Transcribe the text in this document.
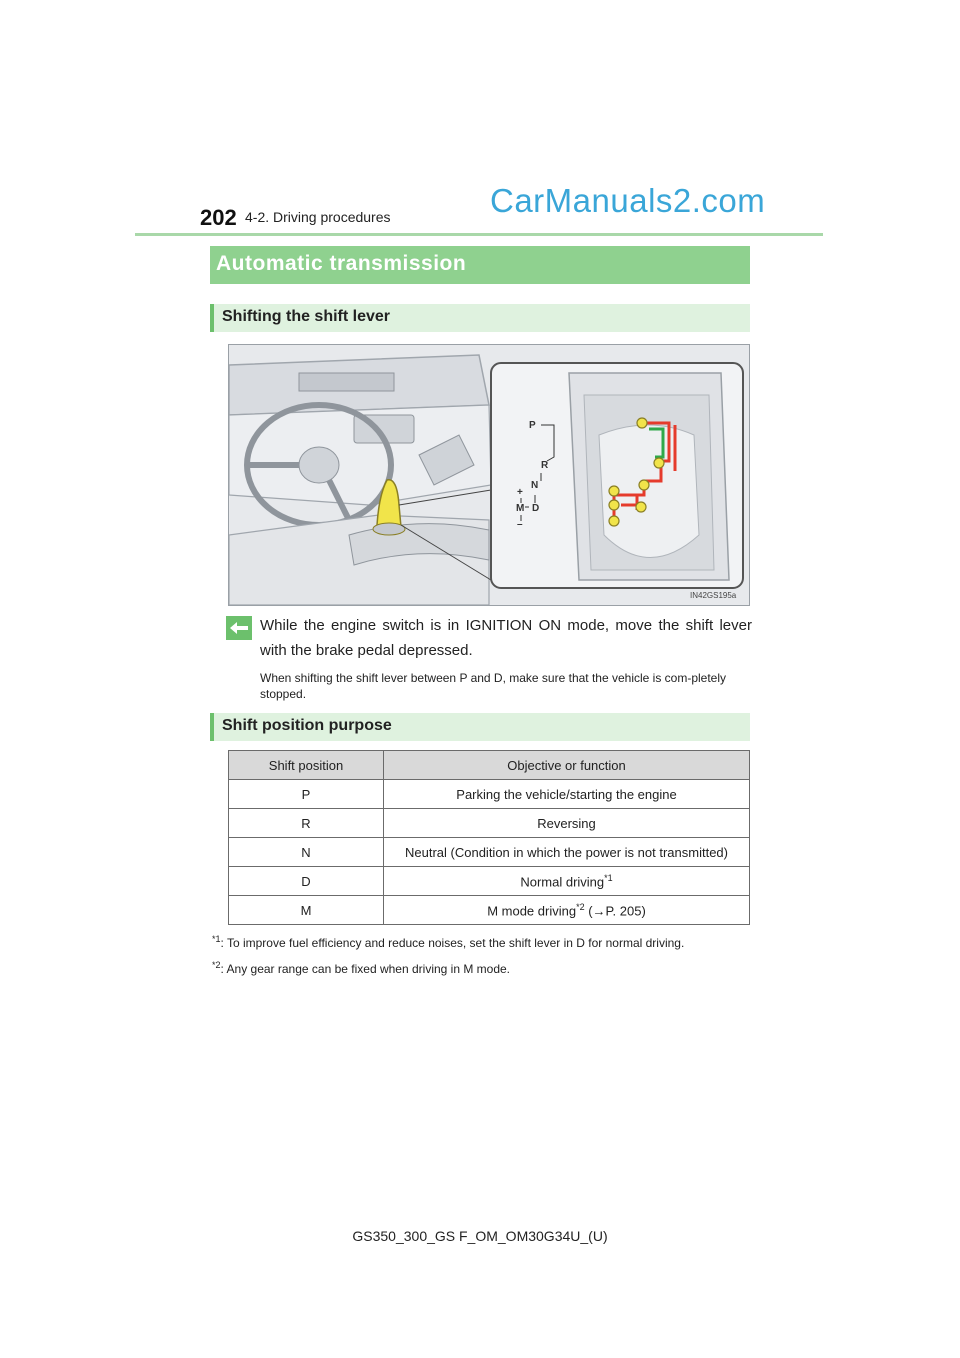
202 4-2. Driving procedures	CarManuals2.com
Automatic transmission
Shifting the shift lever
P
R
N
D
M
+
–
IN42GS195a
While the engine switch is in IGNITION ON mode, move the shift lever with the brake pedal depressed.
When shifting the shift lever between P and D, make sure that the vehicle is com-pletely stopped.
Shift position purpose
Shift position	Objective or function
P	Parking the vehicle/starting the engine
R	Reversing
N	Neutral (Condition in which the power is not transmitted)
D	Normal driving$^{*1}$
M	M mode driving$^{*2}$ (→P. 205)
$^{*1}$: To improve fuel efficiency and reduce noises, set the shift lever in D for normal driving.
$^{*2}$: Any gear range can be fixed when driving in M mode.
GS350_300_GS F_OM_OM30G34U_(U)
